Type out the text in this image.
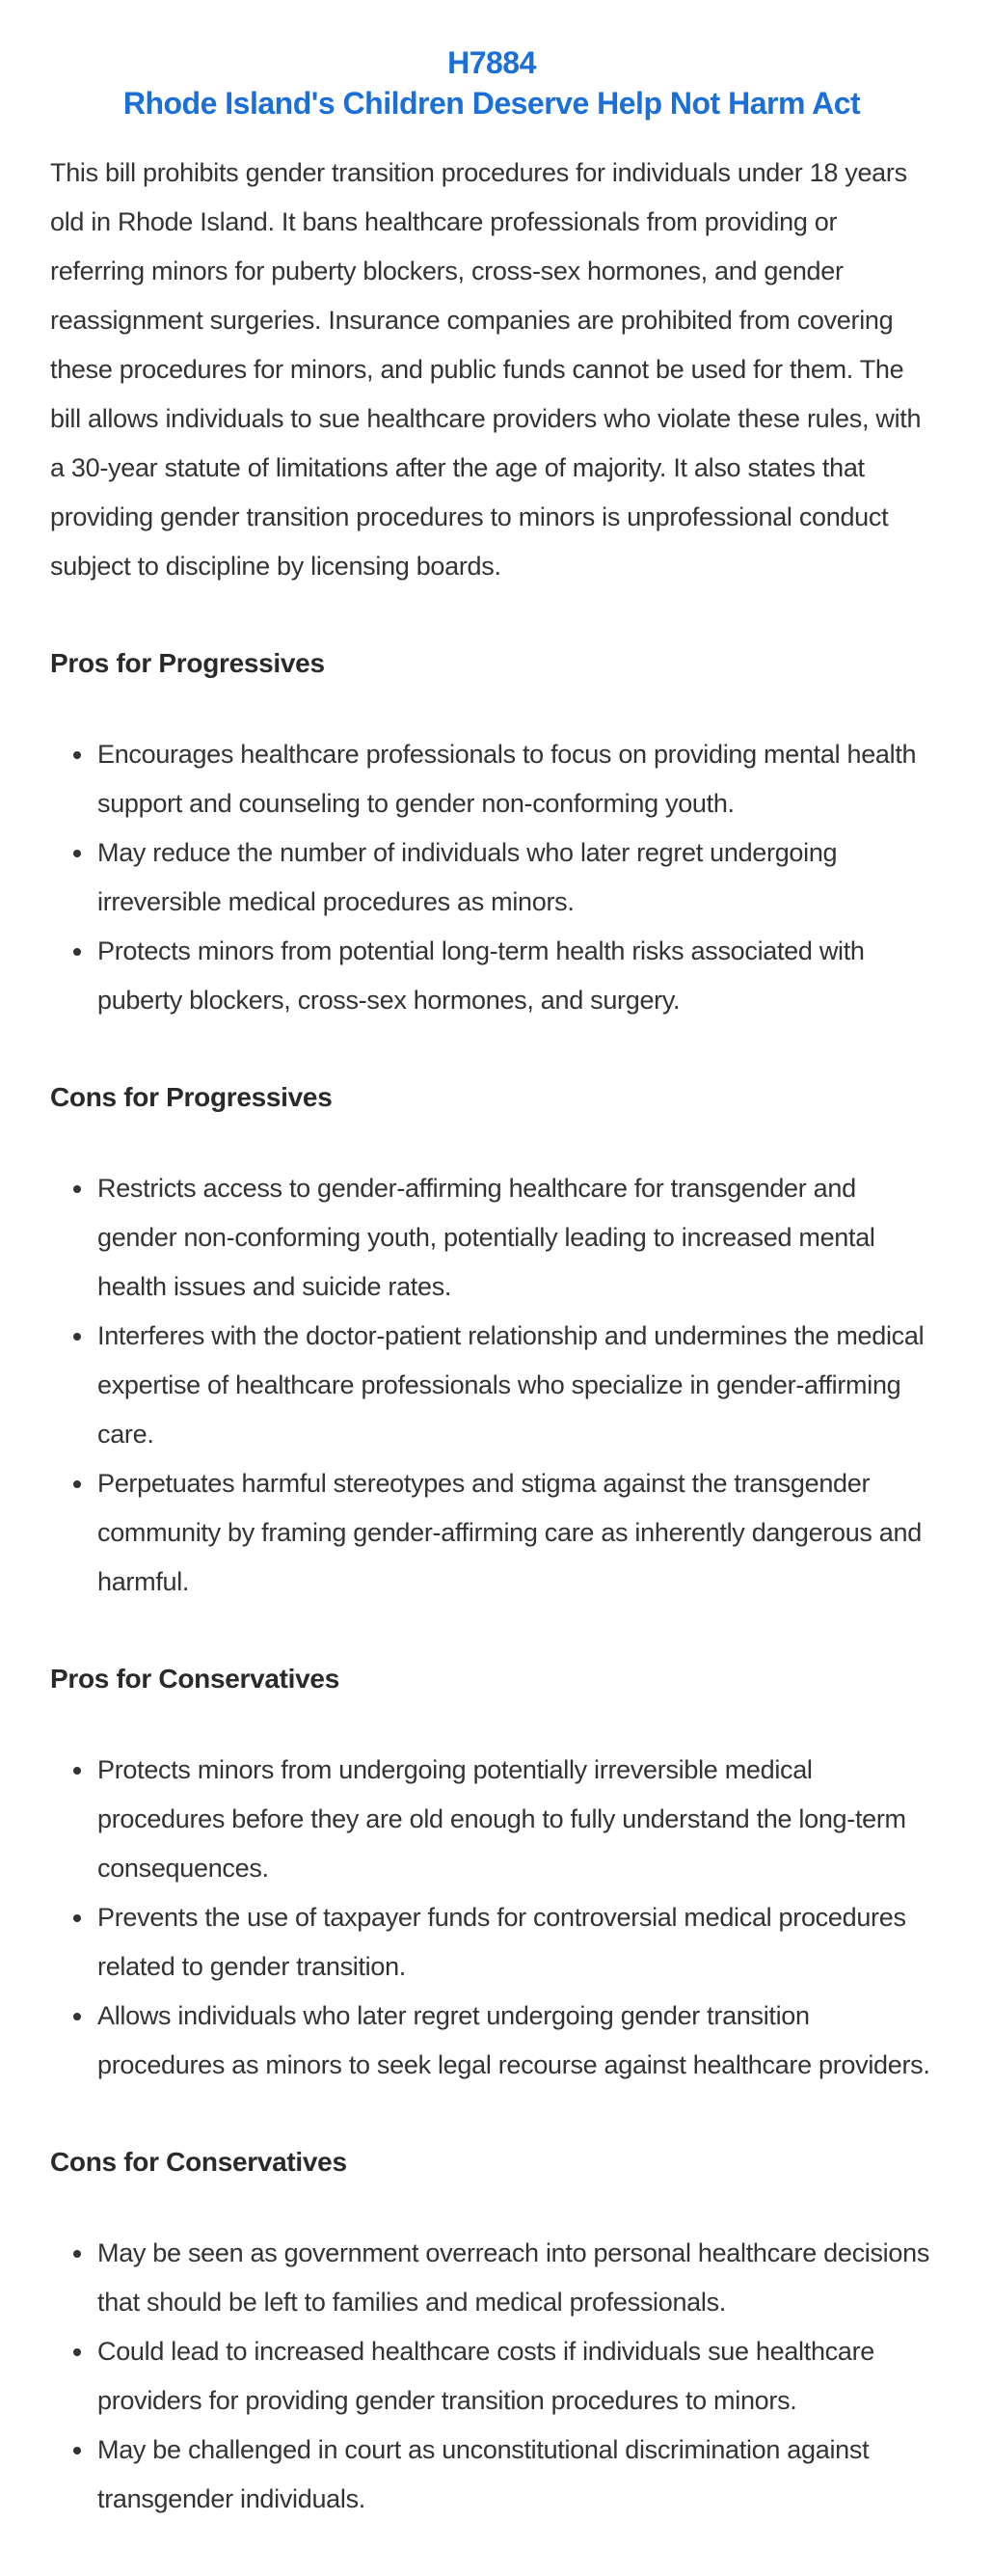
H7884
Rhode Island's Children Deserve Help Not Harm Act

This bill prohibits gender transition procedures for individuals under 18 years old in Rhode Island. It bans healthcare professionals from providing or referring minors for puberty blockers, cross-sex hormones, and gender reassignment surgeries. Insurance companies are prohibited from covering these procedures for minors, and public funds cannot be used for them. The bill allows individuals to sue healthcare providers who violate these rules, with a 30-year statute of limitations after the age of majority. It also states that providing gender transition procedures to minors is unprofessional conduct subject to discipline by licensing boards.

Pros for Progressives
Encourages healthcare professionals to focus on providing mental health support and counseling to gender non-conforming youth.
May reduce the number of individuals who later regret undergoing irreversible medical procedures as minors.
Protects minors from potential long-term health risks associated with puberty blockers, cross-sex hormones, and surgery.
Cons for Progressives
Restricts access to gender-affirming healthcare for transgender and gender non-conforming youth, potentially leading to increased mental health issues and suicide rates.
Interferes with the doctor-patient relationship and undermines the medical expertise of healthcare professionals who specialize in gender-affirming care.
Perpetuates harmful stereotypes and stigma against the transgender community by framing gender-affirming care as inherently dangerous and harmful.
Pros for Conservatives
Protects minors from undergoing potentially irreversible medical procedures before they are old enough to fully understand the long-term consequences.
Prevents the use of taxpayer funds for controversial medical procedures related to gender transition.
Allows individuals who later regret undergoing gender transition procedures as minors to seek legal recourse against healthcare providers.
Cons for Conservatives
May be seen as government overreach into personal healthcare decisions that should be left to families and medical professionals.
Could lead to increased healthcare costs if individuals sue healthcare providers for providing gender transition procedures to minors.
May be challenged in court as unconstitutional discrimination against transgender individuals.
